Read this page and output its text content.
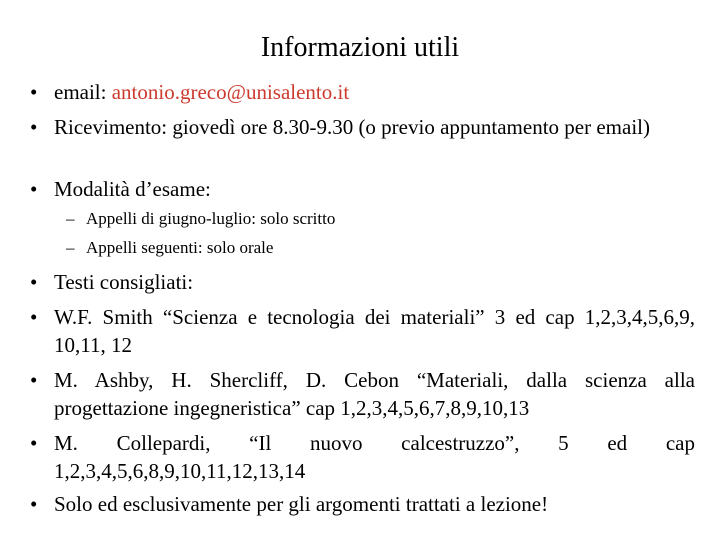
Informazioni utili
• email: antonio.greco@unisalento.it
• Ricevimento: giovedì ore 8.30-9.30 (o previo appuntamento per email)
• Modalità d’esame:
– Appelli di giugno-luglio: solo scritto
– Appelli seguenti: solo orale
• Testi consigliati:
• W.F. Smith “Scienza e tecnologia dei materiali” 3 ed cap 1,2,3,4,5,6,9, 10,11, 12
• M. Ashby, H. Shercliff, D. Cebon “Materiali, dalla scienza alla progettazione ingegneristica” cap 1,2,3,4,5,6,7,8,9,10,13
• M. Collepardi, “Il nuovo calcestruzzo”, 5 ed cap 1,2,3,4,5,6,8,9,10,11,12,13,14
• Solo ed esclusivamente per gli argomenti trattati a lezione!
